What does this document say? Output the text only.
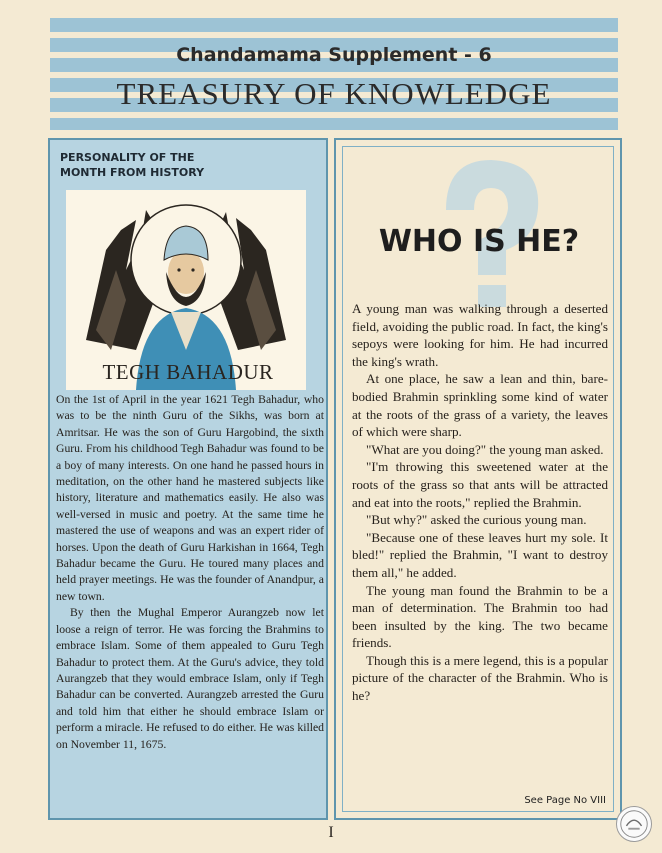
Chandamama Supplement - 6
TREASURY OF KNOWLEDGE
PERSONALITY OF THE
MONTH FROM HISTORY
TEGH BAHADUR

On the 1st of April in the year 1621 Tegh Bahadur, who was to be the ninth Guru of the Sikhs, was born at Amritsar. He was the son of Guru Hargobind, the sixth Guru. From his childhood Tegh Bahadur was found to be a boy of many interests. On one hand he passed hours in meditation, on the other hand he mastered subjects like history, literature and mathematics easily. He also was well-versed in music and poetry. At the same time he mastered the use of weapons and was an expert rider of horses. Upon the death of Guru Harkishan in 1664, Tegh Bahadur became the Guru. He toured many places and held prayer meetings. He was the founder of Anandpur, a new town.

By then the Mughal Emperor Aurangzeb now let loose a reign of terror. He was forcing the Brahmins to embrace Islam. Some of them appealed to Guru Tegh Bahadur to protect them. At the Guru's advice, they told Aurangzeb that they would embrace Islam, only if Tegh Bahadur can be converted. Aurangzeb arrested the Guru and told him that either he should embrace Islam or perform a miracle. He refused to do either. He was killed on November 11, 1675.

WHO IS HE?

A young man was walking through a deserted field, avoiding the public road. In fact, the king's sepoys were looking for him. He had incurred the king's wrath.

At one place, he saw a lean and thin, bare-bodied Brahmin sprinkling some kind of water at the roots of the grass of a variety, the leaves of which were sharp.

"What are you doing?" the young man asked.

"I'm throwing this sweetened water at the roots of the grass so that ants will be attracted and eat into the roots," replied the Brahmin.

"But why?" asked the curious young man.

"Because one of these leaves hurt my sole. It bled!" replied the Brahmin, "I want to destroy them all," he added.

The young man found the Brahmin to be a man of determination. The Brahmin too had been insulted by the king. The two became friends.

Though this is a mere legend, this is a popular picture of the character of the Brahmin. Who is he?

See Page No VIII
I
